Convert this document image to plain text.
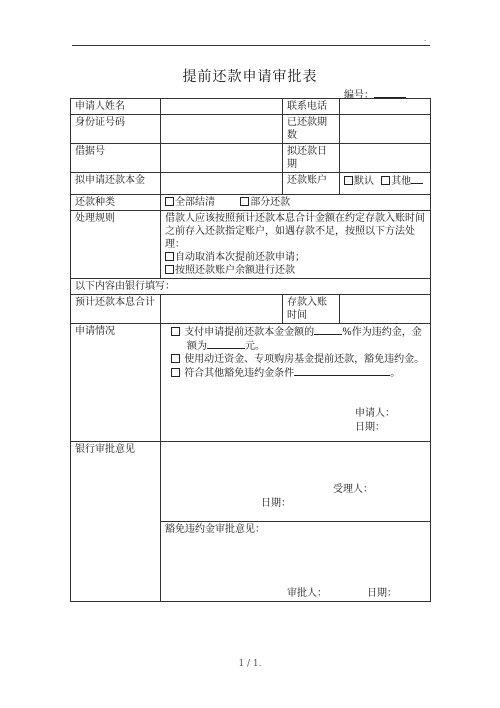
.
提前还款申请审批表
编号：
申请人姓名		联系电话	
身份证号码		已还款期数	
借据号		拟还款日期	
拟申请还款本金		还款账户	默认 其他
还款种类	全部结清 部分还款		
处理规则	借款人应该按照预计还款本息合计金额在约定存款入账时间之前存入还款指定账户，如遇存款不足，按照以下方法处理：
自动取消本次提前还款申请；
按照还款账户余额进行还款		

以下内容由银行填写：			
预计还款本息合计		存款入账时间	
申请情况	支付申请提前还款本金金额的 %作为违约金，金额为 元。

使用动迁资金、专项购房基金提前还款，豁免违约金。

符合其他豁免违约金条件 。

申请人：
日期：		

银行审批意见	受理人：
日期：		

	豁免违约金审批意见：
审批人： 日期：		
1 / 1.
